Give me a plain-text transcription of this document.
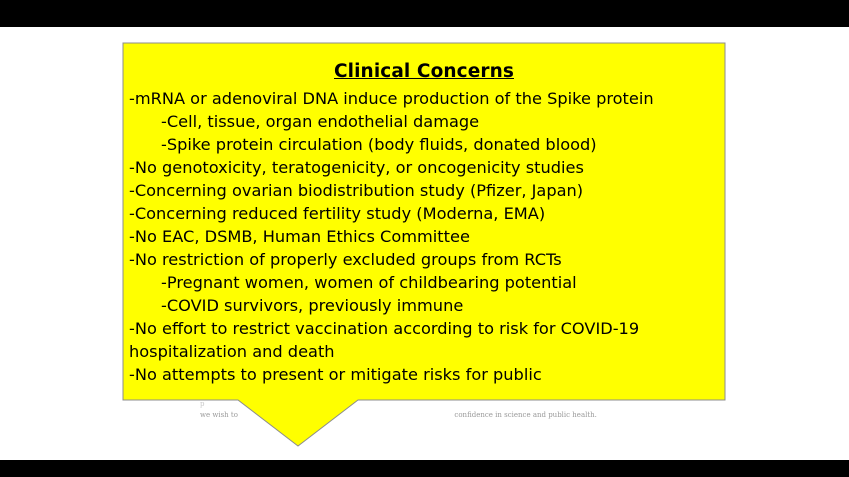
p
we wish to	confidence in science and public health.
Clinical Concerns
-mRNA or adenoviral DNA induce production of the Spike protein
-Cell, tissue, organ endothelial damage
-Spike protein circulation (body fluids, donated blood)
-No genotoxicity, teratogenicity, or oncogenicity studies
-Concerning ovarian biodistribution study (Pfizer, Japan)
-Concerning reduced fertility study (Moderna, EMA)
-No EAC, DSMB, Human Ethics Committee
-No restriction of properly excluded groups from RCTs
-Pregnant women, women of childbearing potential
-COVID survivors, previously immune
-No effort to restrict vaccination according to risk for COVID-19
hospitalization and death
-No attempts to present or mitigate risks for public
